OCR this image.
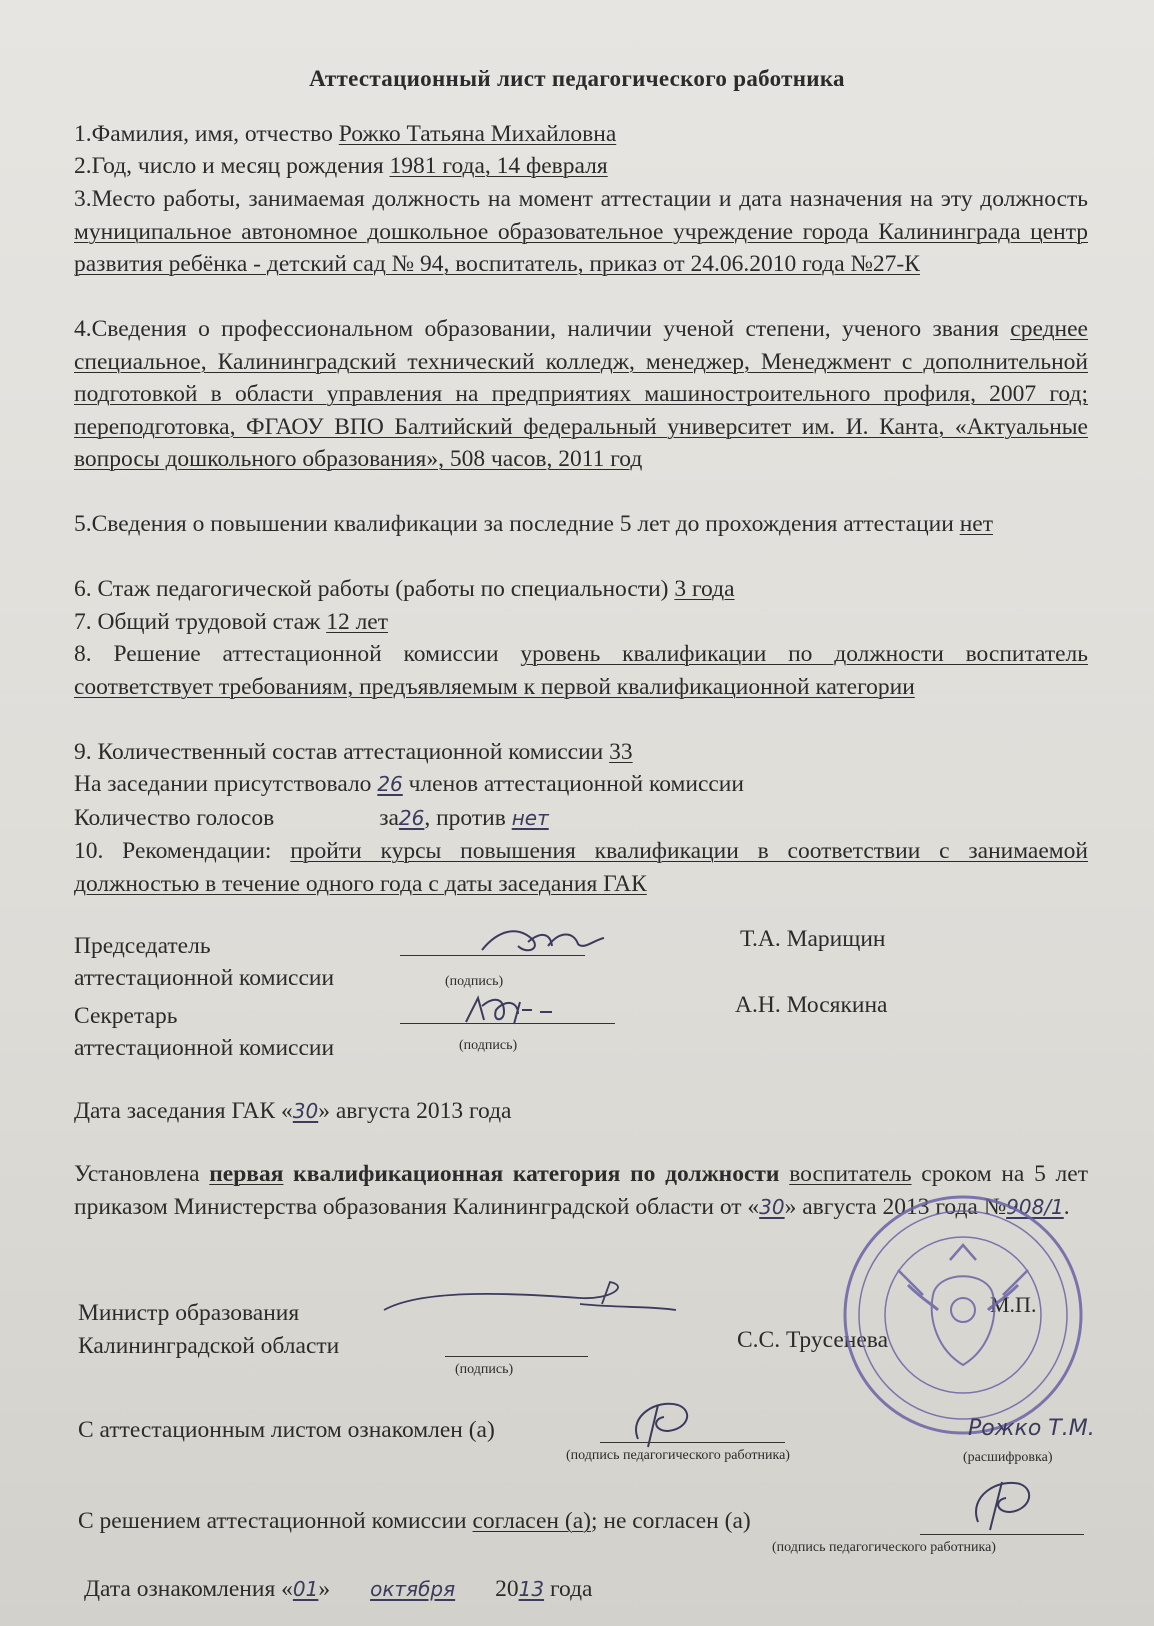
Аттестационный лист педагогического работника
1.Фамилия, имя, отчество Рожко Татьяна Михайловна
2.Год, число и месяц рождения 1981 года, 14 февраля
3.Место работы, занимаемая должность на момент аттестации и дата назначения на эту должность муниципальное автономное дошкольное образовательное учреждение города Калининграда центр развития ребёнка - детский сад № 94, воспитатель, приказ от 24.06.2010 года №27-К
4.Сведения о профессиональном образовании, наличии ученой степени, ученого звания среднее специальное, Калининградский технический колледж, менеджер, Менеджмент с дополнительной подготовкой в области управления на предприятиях машиностроительного профиля, 2007 год; переподготовка, ФГАОУ ВПО Балтийский федеральный университет им. И. Канта, «Актуальные вопросы дошкольного образования», 508 часов, 2011 год
5.Сведения о повышении квалификации за последние 5 лет до прохождения аттестации нет
6. Стаж педагогической работы (работы по специальности) 3 года
7. Общий трудовой стаж 12 лет
8. Решение аттестационной комиссии уровень квалификации по должности воспитатель соответствует требованиям, предъявляемым к первой квалификационной категории
9. Количественный состав аттестационной комиссии 33
На заседании присутствовало 26 членов аттестационной комиссии
Количество голосов	за26, против нет
10. Рекомендации: пройти курсы повышения квалификации в соответствии с занимаемой должностью в течение одного года с даты заседания ГАК
Председатель
аттестационной комиссии	(подпись)
Т.А. Марищин
Секретарь
аттестационной комиссии	(подпись)
А.Н. Мосякина
Дата заседания ГАК «30» августа 2013 года
Установлена первая квалификационная категория по должности воспитатель сроком на 5 лет приказом Министерства образования Калининградской области от «30» августа 2013 года №908/1.
Министр образования
Калининградской области
(подпись)
С.С. Трусенева
М.П.
С аттестационным листом ознакомлен (а)
(подпись педагогического работника)
Рожко Т.М.
(расшифровка)
С решением аттестационной комиссии согласен (а); не согласен (а)
(подпись педагогического работника)
Дата ознакомления «01» октября 2013 года
